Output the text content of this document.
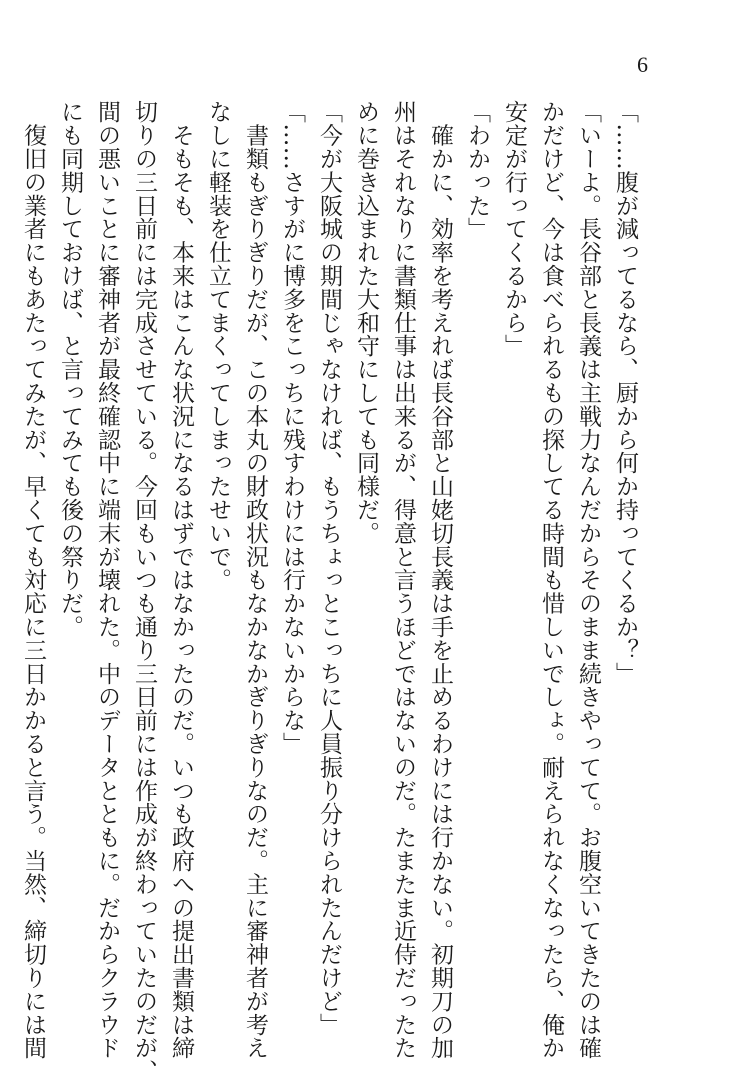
6
「……腹が減ってるなら、厨から何か持ってくるか？」
「いーよ。長谷部と長義は主戦力なんだからそのまま続きやってて。お腹空いてきたのは確
かだけど、今は食べられるもの探してる時間も惜しいでしょ。耐えられなくなったら、俺か
安定が行ってくるから」
「わかった」
　確かに、効率を考えれば長谷部と山姥切長義は手を止めるわけには行かない。初期刀の加
州はそれなりに書類仕事は出来るが、得意と言うほどではないのだ。たまたま近侍だったた
めに巻き込まれた大和守にしても同様だ。
「今が大阪城の期間じゃなければ、もうちょっとこっちに人員振り分けられたんだけど」
「……さすがに博多をこっちに残すわけには行かないからな」
　書類もぎりぎりだが、この本丸の財政状況もなかなかぎりぎりなのだ。主に審神者が考え
なしに軽装を仕立てまくってしまったせいで。
　そもそも、本来はこんな状況になるはずではなかったのだ。いつも政府への提出書類は締
切りの三日前には完成させている。今回もいつも通り三日前には作成が終わっていたのだが、
間の悪いことに審神者が最終確認中に端末が壊れた。中のデータとともに。だからクラウド
にも同期しておけば、と言ってみても後の祭りだ。
　復旧の業者にもあたってみたが、早くても対応に三日かかると言う。当然、締切りには間
